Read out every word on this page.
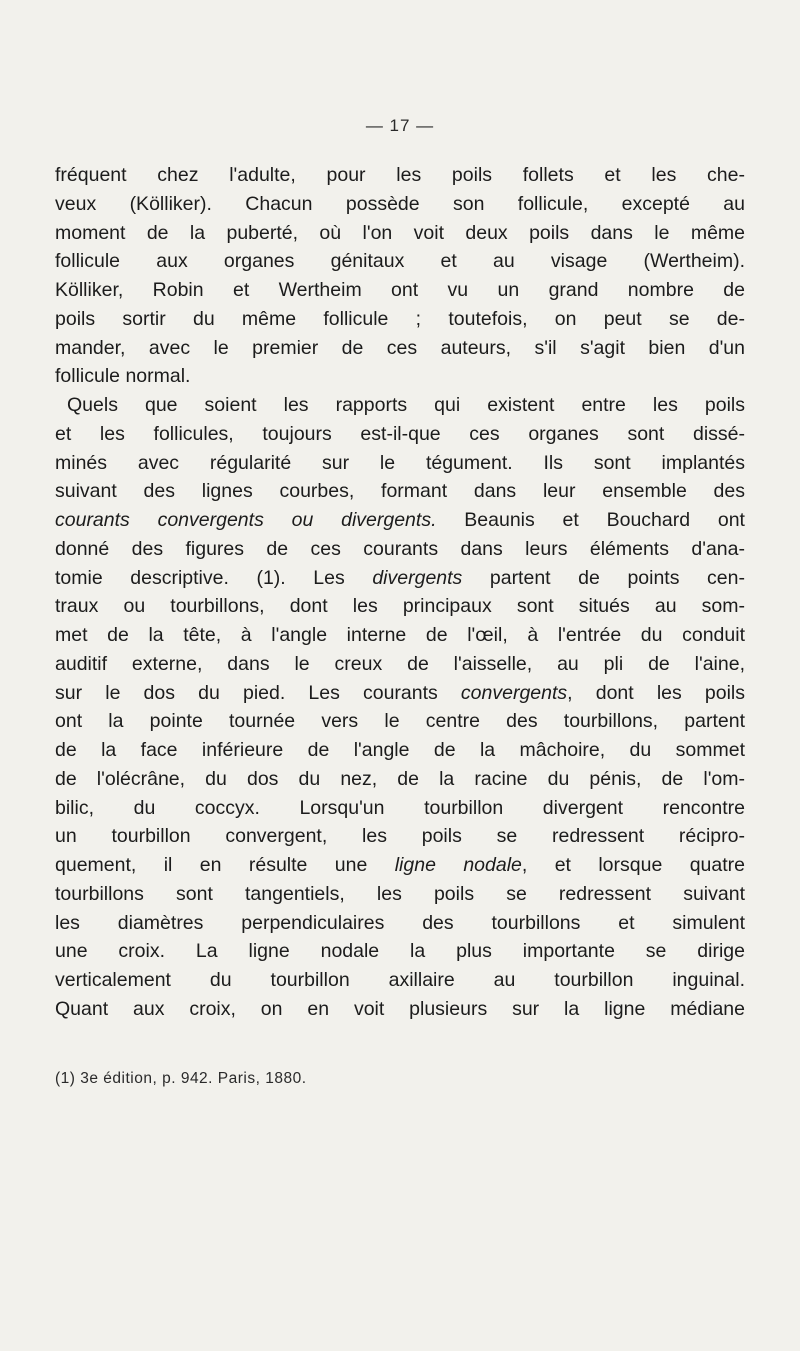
— 17 —
fréquent chez l'adulte, pour les poils follets et les che-
veux (Kölliker). Chacun possède son follicule, excepté au
moment de la puberté, où l'on voit deux poils dans le même
follicule aux organes génitaux et au visage (Wertheim).
Kölliker, Robin et Wertheim ont vu un grand nombre de
poils sortir du même follicule ; toutefois, on peut se de-
mander, avec le premier de ces auteurs, s'il s'agit bien d'un
follicule normal.
Quels que soient les rapports qui existent entre les poils
et les follicules, toujours est-il-que ces organes sont dissé-
minés avec régularité sur le tégument. Ils sont implantés
suivant des lignes courbes, formant dans leur ensemble des
courants convergents ou divergents. Beaunis et Bouchard ont
donné des figures de ces courants dans leurs éléments d'ana-
tomie descriptive. (1). Les divergents partent de points cen-
traux ou tourbillons, dont les principaux sont situés au som-
met de la tête, à l'angle interne de l'œil, à l'entrée du conduit
auditif externe, dans le creux de l'aisselle, au pli de l'aine,
sur le dos du pied. Les courants convergents, dont les poils
ont la pointe tournée vers le centre des tourbillons, partent
de la face inférieure de l'angle de la mâchoire, du sommet
de l'olécrâne, du dos du nez, de la racine du pénis, de l'om-
bilic, du coccyx. Lorsqu'un tourbillon divergent rencontre
un tourbillon convergent, les poils se redressent récipro-
quement, il en résulte une ligne nodale, et lorsque quatre
tourbillons sont tangentiels, les poils se redressent suivant
les diamètres perpendiculaires des tourbillons et simulent
une croix. La ligne nodale la plus importante se dirige
verticalement du tourbillon axillaire au tourbillon inguinal.
Quant aux croix, on en voit plusieurs sur la ligne médiane
(1) 3e édition, p. 942. Paris, 1880.
